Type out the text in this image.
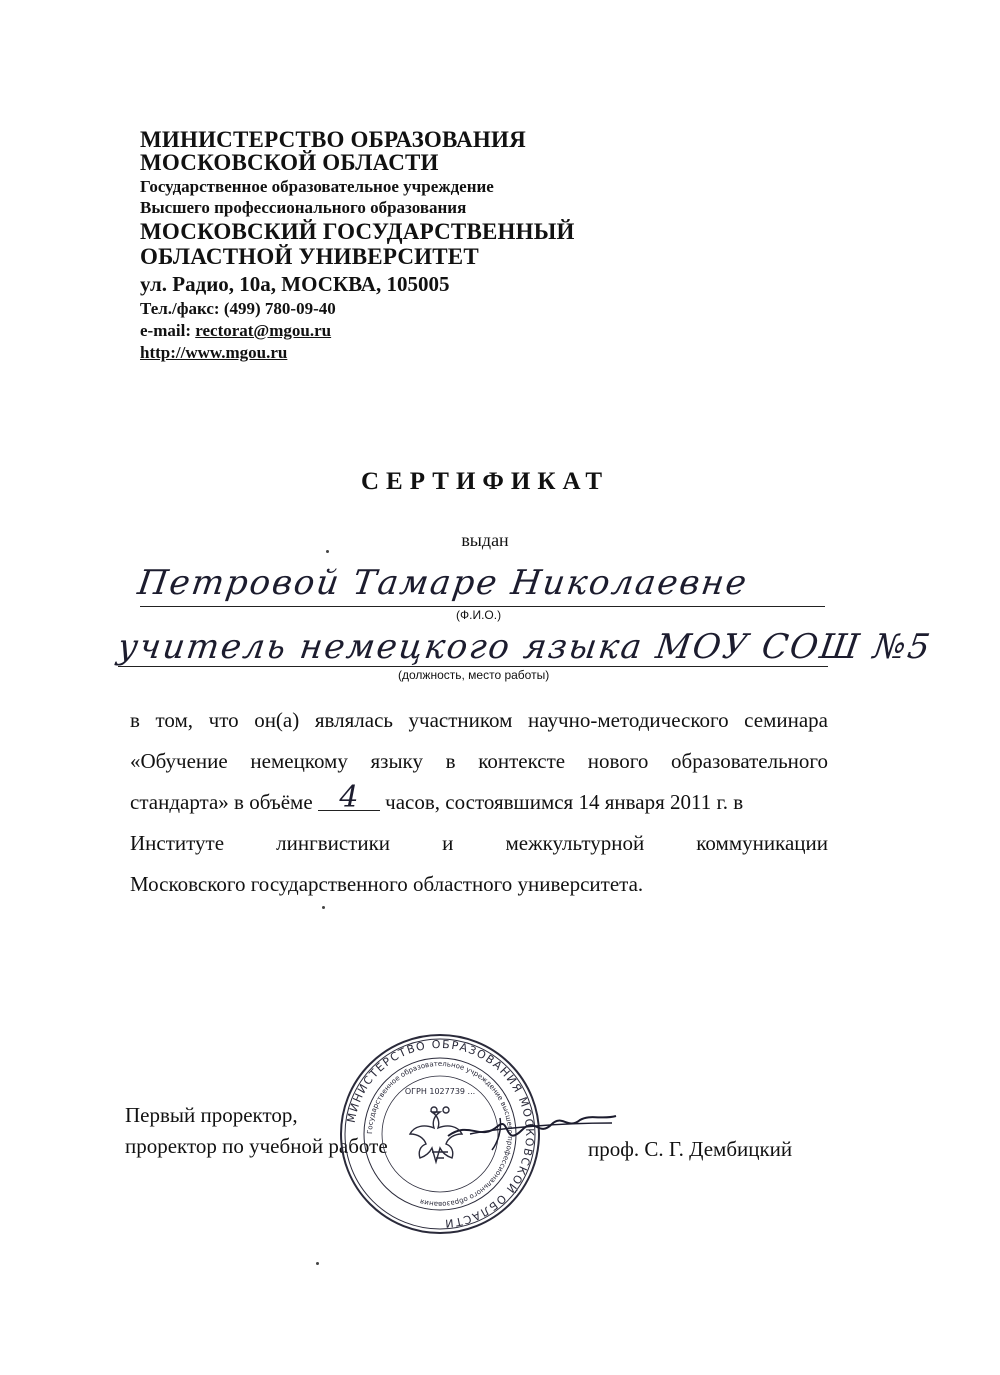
МИНИСТЕРСТВО ОБРАЗОВАНИЯ
МОСКОВСКОЙ ОБЛАСТИ
Государственное образовательное учреждение
Высшего профессионального образования
МОСКОВСКИЙ ГОСУДАРСТВЕННЫЙ
ОБЛАСТНОЙ УНИВЕРСИТЕТ
ул. Радио, 10а, МОСКВА, 105005
Тел./факс: (499) 780-09-40
e-mail: rectorat@mgou.ru
http://www.mgou.ru
СЕРТИФИКАТ
выдан
Петровой Тамаре Николаевне
(Ф.И.О.)
учитель немецкого языка МОУ СОШ №5
(должность, место работы)
в том, что он(а) являлась участником научно-методического семинара
«Обучение немецкому языку в контексте нового образовательного
стандарта» в объёме 4 часов, состоявшимся 14 января 2011 г. в
Институте лингвистики и межкультурной коммуникации
Московского государственного областного университета.
Первый проректор,
проректор по учебной работе	проф. С. Г. Дембицкий
МИНИСТЕРСТВО ОБРАЗОВАНИЯ МОСКОВСКОЙ ОБЛАСТИ
Государственное образовательное учреждение высшего профессионального образования
ОГРН 1027739 ...
